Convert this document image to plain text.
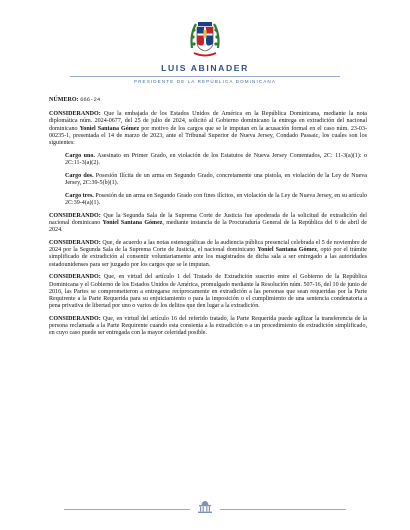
LUIS ABINADER
PRESIDENTE DE LA REPÚBLICA DOMINICANA

NÚMERO: 666-24

CONSIDERANDO: Que la embajada de los Estados Unidos de América en la República Dominicana, mediante la nota diplomática núm. 2024-0677, del 25 de julio de 2024, solicitó al Gobierno dominicano la entrega en extradición del nacional dominicano Yoniel Santana Gómez por motivo de los cargos que se le imputan en la acusación formal en el caso núm. 23-03-00235-1, presentada el 14 de marzo de 2023, ante el Tribunal Superior de Nueva Jersey, Condado Passaic, los cuales son los siguientes:

Cargo uno. Asesinato en Primer Grado, en violación de los Estatutos de Nueva Jersey Comentados, 2C: 11-3(a)(1): o 2C:11-3(a)(2).

Cargo dos. Posesión Ilícita de un arma en Segundo Grado, concretamente una pistola, en violación de la Ley de Nueva Jersey, 2C:39-5(b)(1).

Cargo tres. Posesión de un arma en Segundo Grado con fines ilícitos, en violación de la Ley de Nueva Jersey, en su artículo 2C:39-4(a)(1).

CONSIDERANDO: Que la Segunda Sala de la Suprema Corte de Justicia fue apoderada de la solicitud de extradición del nacional dominicano Yoniel Santana Gómez, mediante instancia de la Procuraduría General de la República del 6 de abril de 2024.

CONSIDERANDO: Que, de acuerdo a las notas estenográficas de la audiencia pública presencial celebrada el 5 de noviembre de 2024 por la Segunda Sala de la Suprema Corte de Justicia, el nacional dominicano Yoniel Santana Gómez, optó por el trámite simplificado de extradición al consentir voluntariamente ante los magistrados de dicha sala a ser entregado a las autoridades estadounidenses para ser juzgado por los cargos que se le imputan.

CONSIDERANDO: Que, en virtud del artículo 1 del Tratado de Extradición suscrito entre el Gobierno de la República Dominicana y el Gobierno de los Estados Unidos de América, promulgado mediante la Resolución núm. 507-16, del 10 de junio de 2016, las Partes se comprometieron a entregarse recíprocamente en extradición a las personas que sean requeridas por la Parte Requirente a la Parte Requerida para su enjuiciamiento o para la imposición o el cumplimiento de una sentencia condenatoria a pena privativa de libertad por uno o varios de los delitos que den lugar a la extradición.

CONSIDERANDO: Que, en virtud del artículo 16 del referido tratado, la Parte Requerida puede agilizar la transferencia de la persona reclamada a la Parte Requirente cuando esta consienta a la extradición o a un procedimiento de extradición simplificado, en cuyo caso puede ser entregada con la mayor celeridad posible.
